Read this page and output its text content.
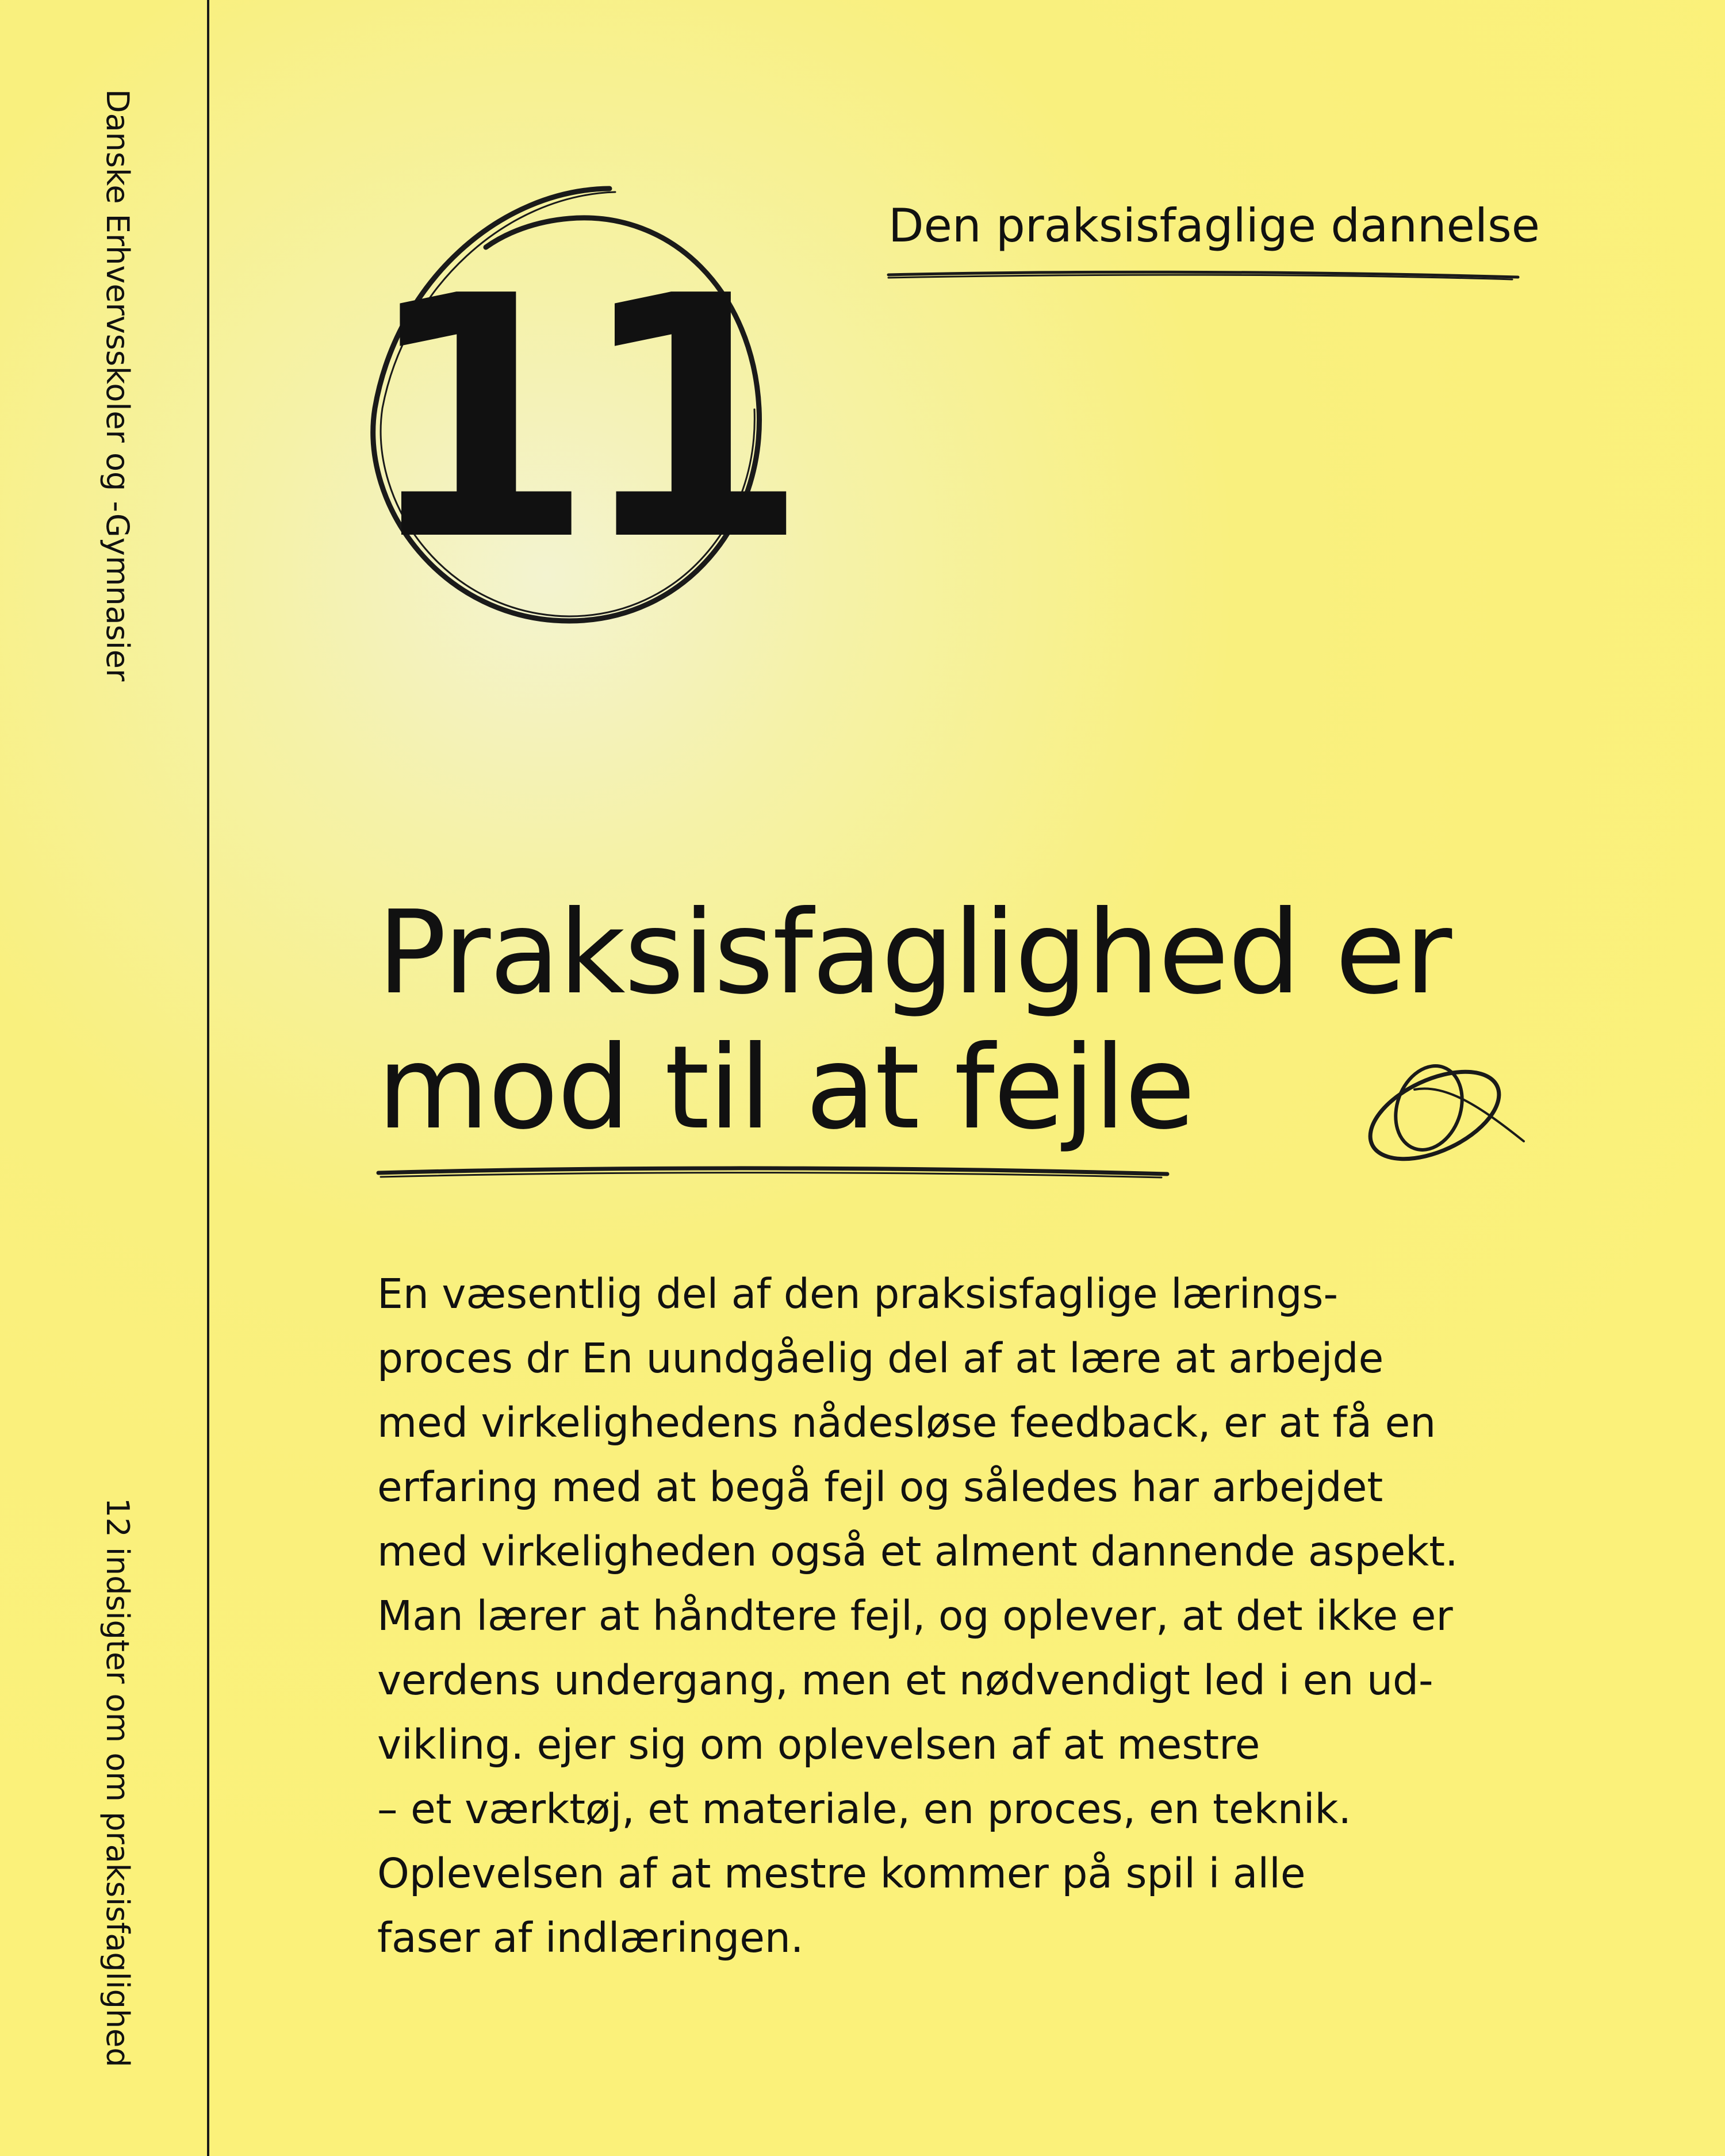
Danske Erhvervsskoler og -Gymnasier
12 indsigter om om praksisfaglighed
Den praksisfaglige dannelse
11
Praksisfaglighed er
mod til at fejle
En væsentlig del af den praksisfaglige lærings-
proces dr En uundgåelig del af at lære at arbejde
med virkelighedens nådesløse feedback, er at få en
erfaring med at begå fejl og således har arbejdet
med virkeligheden også et alment dannende aspekt.
Man lærer at håndtere fejl, og oplever, at det ikke er
verdens undergang, men et nødvendigt led i en ud-
vikling. ejer sig om oplevelsen af at mestre
– et værktøj, et materiale, en proces, en teknik.
Oplevelsen af at mestre kommer på spil i alle
faser af indlæringen.
